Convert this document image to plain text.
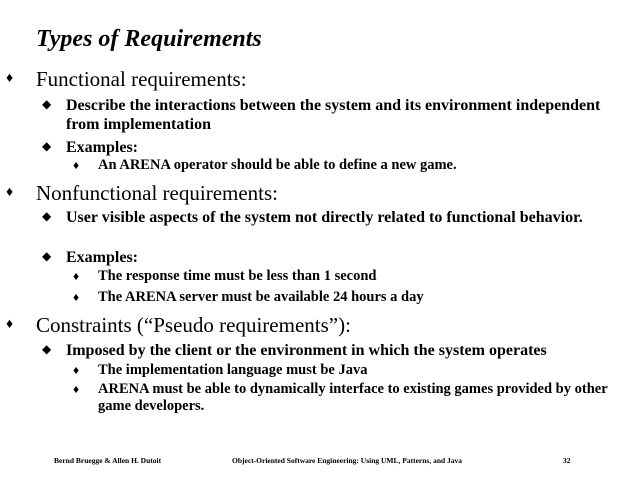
Types of Requirements
♦ Functional requirements:
◆ Describe the interactions between the system and its environment independent from implementation
◆ Examples:
♦ An ARENA operator should be able to define a new game.
♦ Nonfunctional requirements:
◆ User visible aspects of the system not directly related to functional behavior.
◆ Examples:
♦ The response time must be less than 1 second
♦ The ARENA server must be available 24 hours a day
♦ Constraints (“Pseudo requirements”):
◆ Imposed by the client or the environment in which the system operates
♦ The implementation language must be Java
♦ ARENA must be able to dynamically interface to existing games provided by other game developers.
Bernd Bruegge & Allen H. Dutoit	Object-Oriented Software Engineering: Using UML, Patterns, and Java	32
